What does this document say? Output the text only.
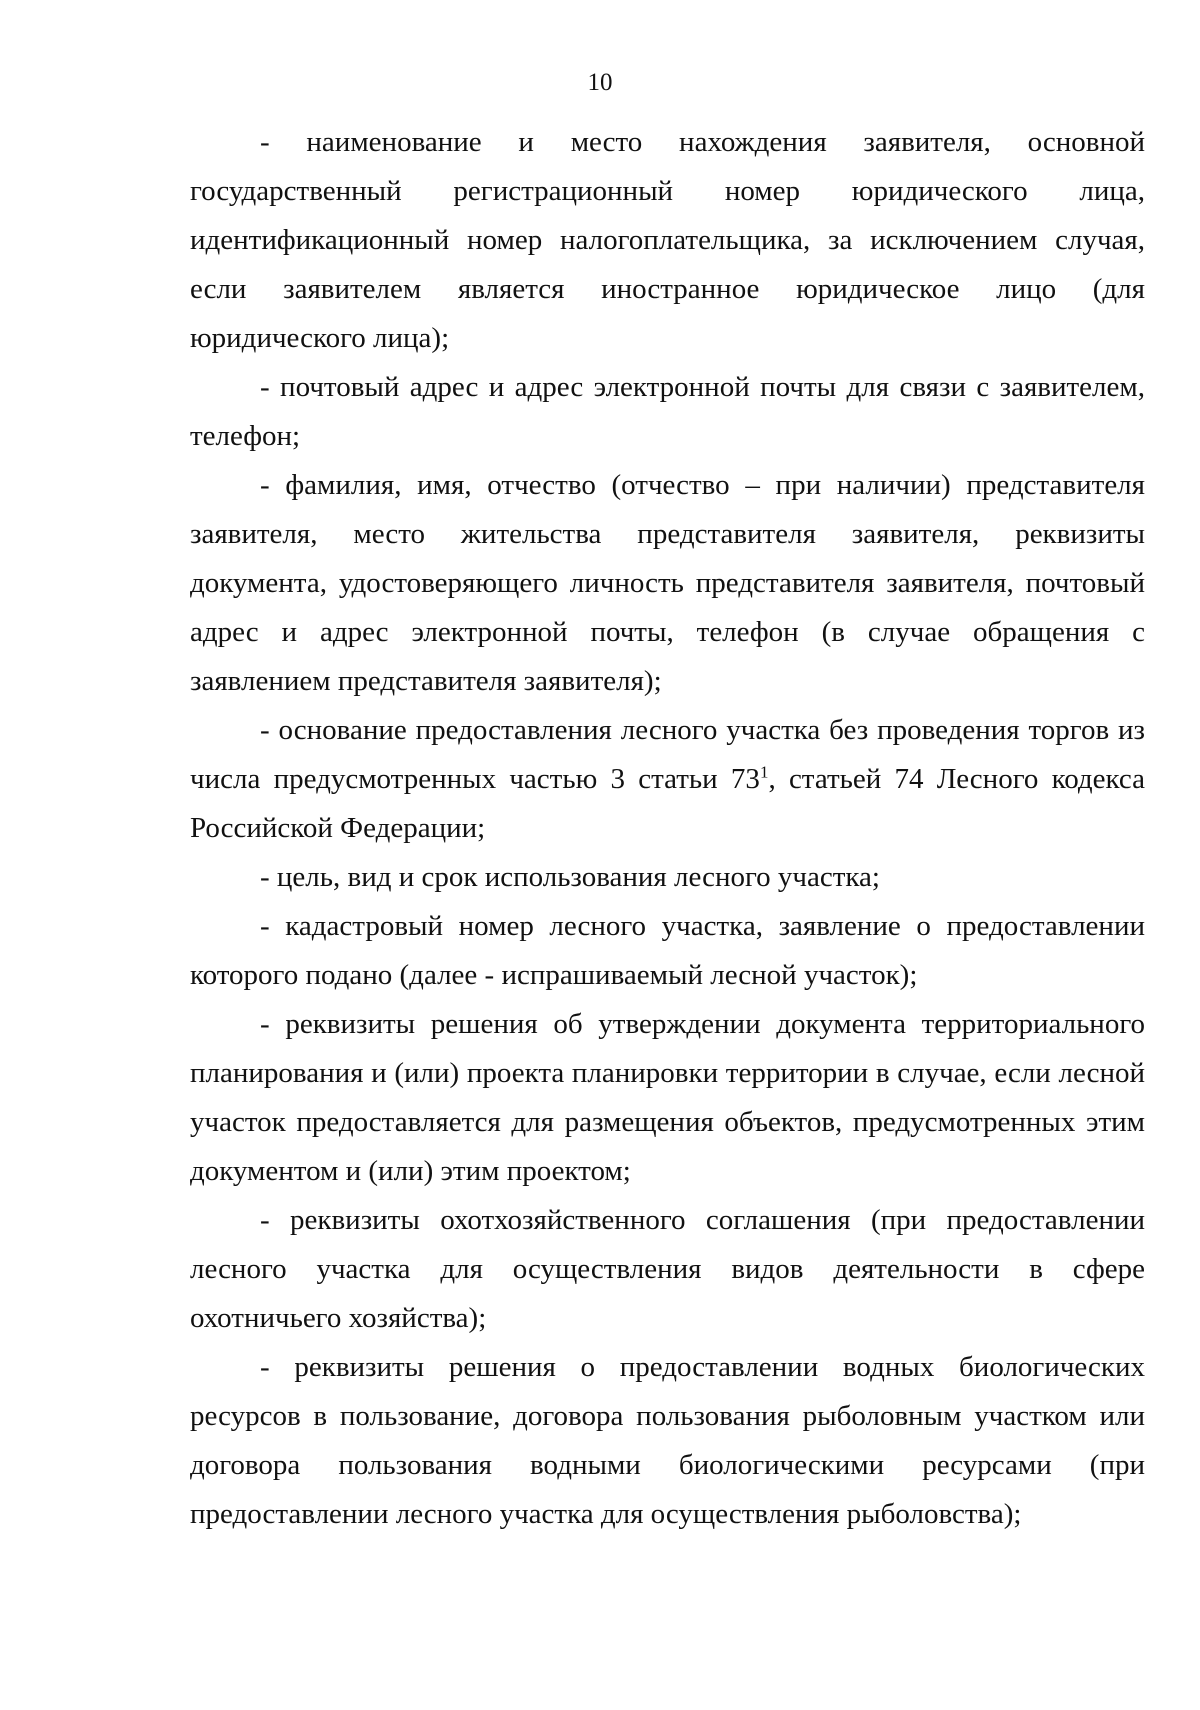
10

- наименование и место нахождения заявителя, основной государственный регистрационный номер юридического лица, идентификационный номер налогоплательщика, за исключением случая, если заявителем является иностранное юридическое лицо (для юридического лица);

- почтовый адрес и адрес электронной почты для связи с заявителем, телефон;

- фамилия, имя, отчество (отчество – при наличии) представителя заявителя, место жительства представителя заявителя, реквизиты документа, удостоверяющего личность представителя заявителя, почтовый адрес и адрес электронной почты, телефон (в случае обращения с заявлением представителя заявителя);

- основание предоставления лесного участка без проведения торгов из числа предусмотренных частью 3 статьи $73^1$, статьей 74 Лесного кодекса Российской Федерации;

- цель, вид и срок использования лесного участка;

- кадастровый номер лесного участка, заявление о предоставлении которого подано (далее - испрашиваемый лесной участок);

- реквизиты решения об утверждении документа территориального планирования и (или) проекта планировки территории в случае, если лесной участок предоставляется для размещения объектов, предусмотренных этим документом и (или) этим проектом;

- реквизиты охотхозяйственного соглашения (при предоставлении лесного участка для осуществления видов деятельности в сфере охотничьего хозяйства);

- реквизиты решения о предоставлении водных биологических ресурсов в пользование, договора пользования рыболовным участком или договора пользования водными биологическими ресурсами (при предоставлении лесного участка для осуществления рыболовства);
